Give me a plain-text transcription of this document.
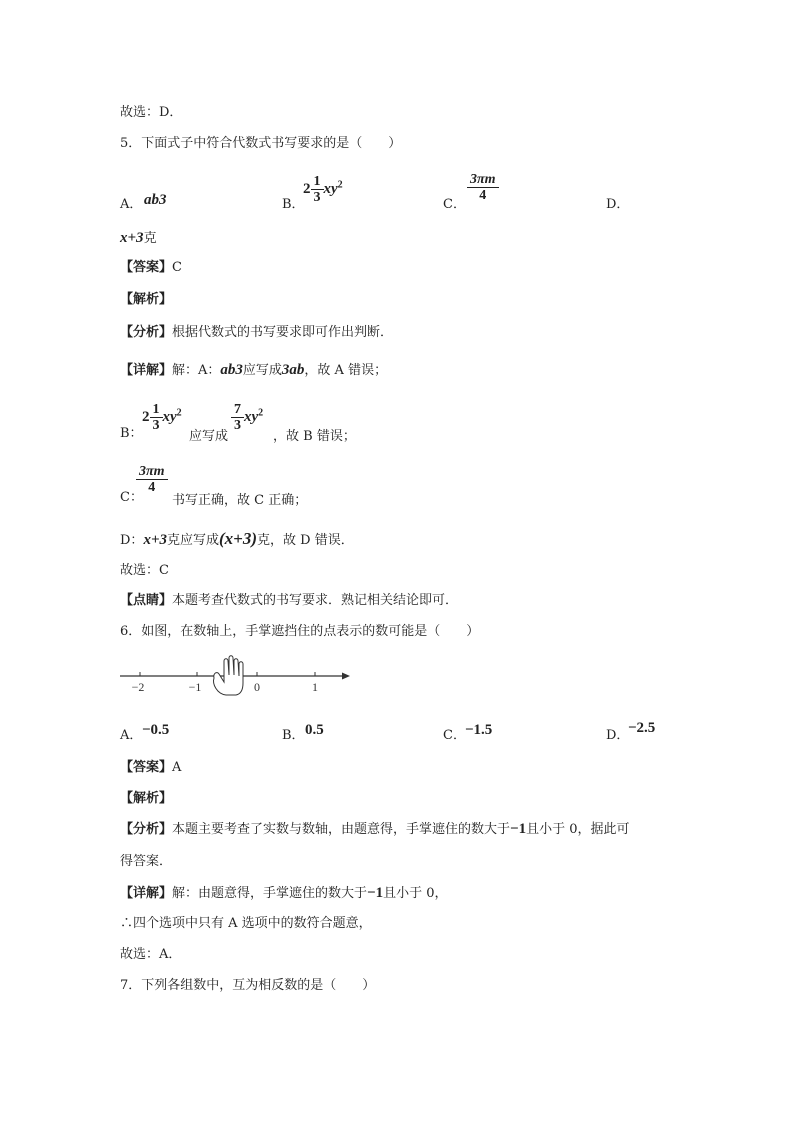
故选：D．
5．下面式子中符合代数式书写要求的是（　　）
A． ab3	B．
$2 \frac{1}{3} xy^2$
C．
$\frac{3\pi m}{4}$
D．
x+3克
【答案】C
【解析】
【分析】根据代数式的书写要求即可作出判断．
【详解】解：A：ab3应写成3ab，故 A 错误；
B：
$2 \frac{1}{3} xy^2$
应写成
$\frac{7}{3} xy^2$
，故 B 错误；
C：
$\frac{3\pi m}{4}$
书写正确，故 C 正确；
D：x+3克应写成(x+3)克，故 D 错误．
故选：C
【点睛】本题考查代数式的书写要求．熟记相关结论即可．
6．如图，在数轴上，手掌遮挡住的点表示的数可能是（　　）
−2	−1	0	1
A． −0.5	B． 0.5	C． −1.5	D．
−2.5
【答案】A
【解析】
【分析】本题主要考查了实数与数轴，由题意得，手掌遮住的数大于−1且小于 0，据此可
得答案．
【详解】解：由题意得，手掌遮住的数大于−1且小于 0，
∴四个选项中只有 A 选项中的数符合题意，
故选：A．
7．下列各组数中，互为相反数的是（　　）
